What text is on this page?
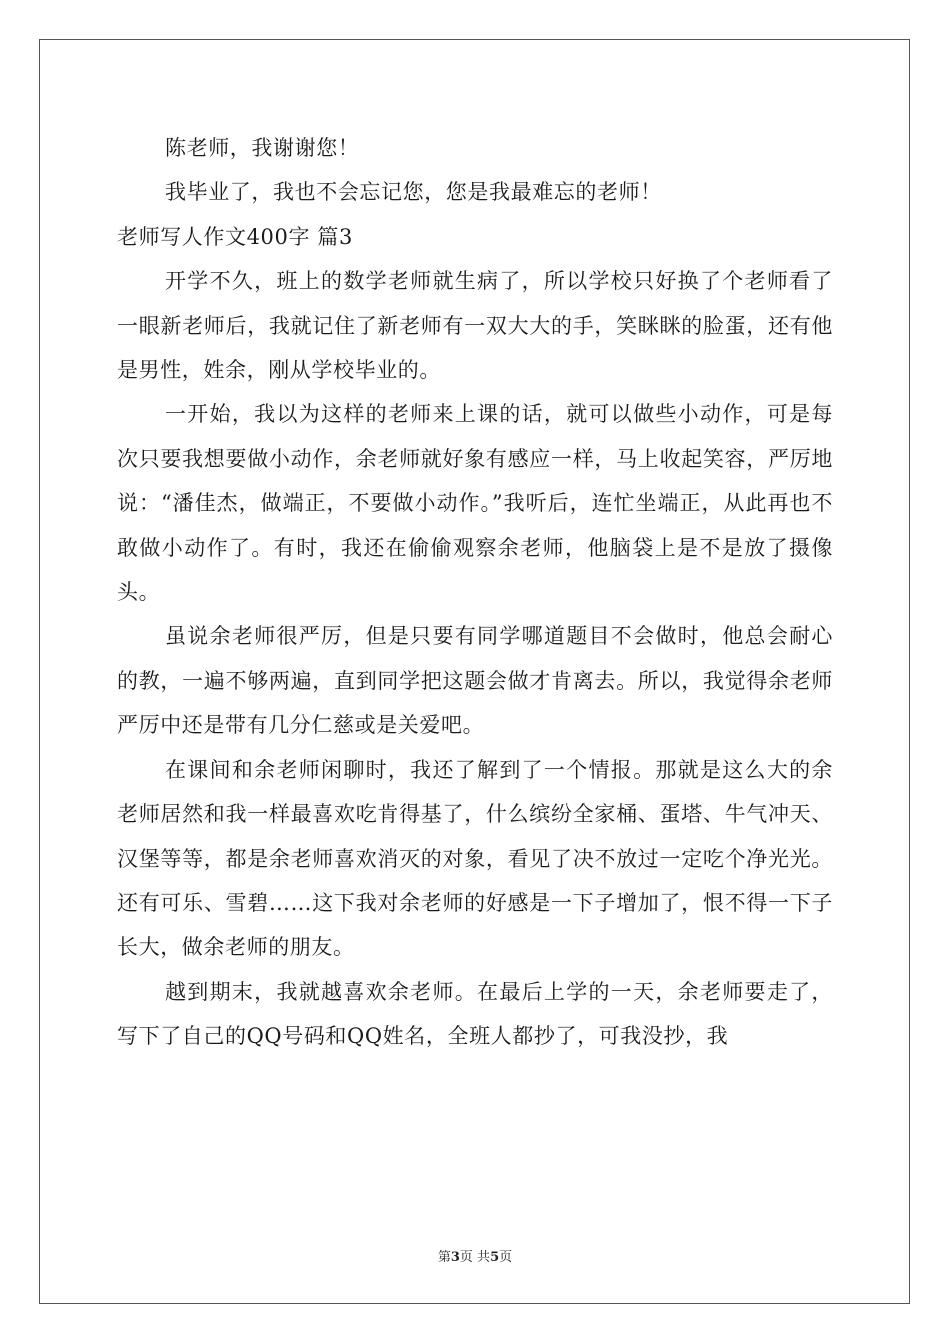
陈老师，我谢谢您！

我毕业了，我也不会忘记您，您是我最难忘的老师！

老师写人作文400字 篇3

开学不久，班上的数学老师就生病了，所以学校只好换了个老师看了一眼新老师后，我就记住了新老师有一双大大的手，笑眯眯的脸蛋，还有他是男性，姓余，刚从学校毕业的。

一开始，我以为这样的老师来上课的话，就可以做些小动作，可是每次只要我想要做小动作，余老师就好象有感应一样，马上收起笑容，严厉地说：“潘佳杰，做端正，不要做小动作。”我听后，连忙坐端正，从此再也不敢做小动作了。有时，我还在偷偷观察余老师，他脑袋上是不是放了摄像头。

虽说余老师很严厉，但是只要有同学哪道题目不会做时，他总会耐心的教，一遍不够两遍，直到同学把这题会做才肯离去。所以，我觉得余老师严厉中还是带有几分仁慈或是关爱吧。

在课间和余老师闲聊时，我还了解到了一个情报。那就是这么大的余老师居然和我一样最喜欢吃肯得基了，什么缤纷全家桶、蛋塔、牛气冲天、汉堡等等，都是余老师喜欢消灭的对象，看见了决不放过一定吃个净光光。还有可乐、雪碧……这下我对余老师的好感是一下子增加了，恨不得一下子长大，做余老师的朋友。

越到期末，我就越喜欢余老师。在最后上学的一天，余老师要走了，写下了自己的QQ号码和QQ姓名，全班人都抄了，可我没抄，我

第3页 共5页
